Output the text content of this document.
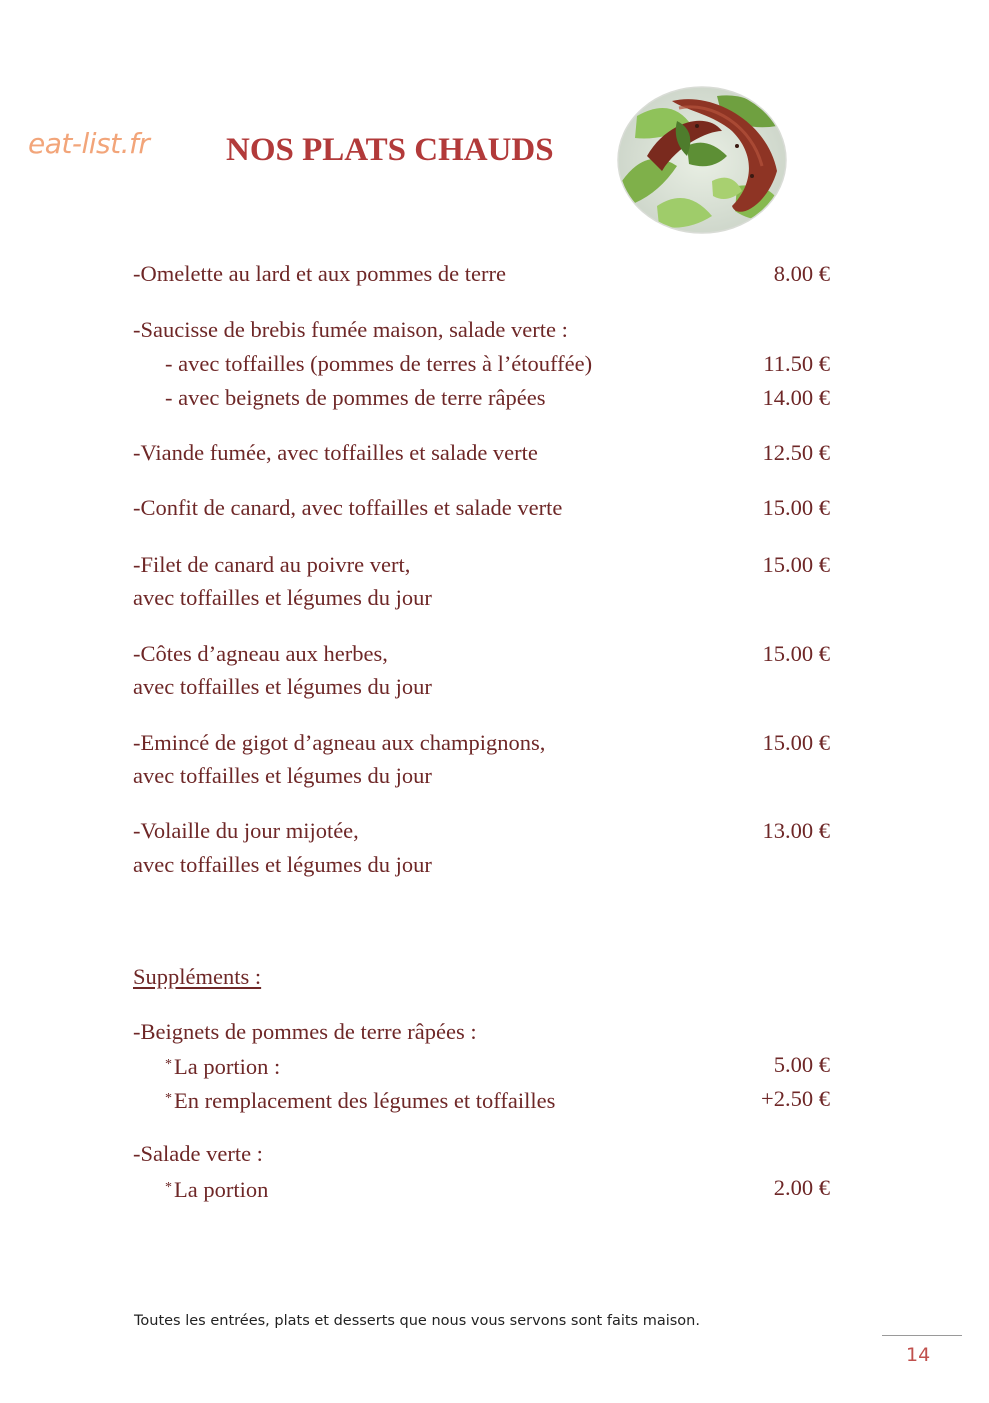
eat-list.fr NOS PLATS CHAUDS
-Omelette au lard et aux pommes de terre	8.00 €
-Saucisse de brebis fumée maison, salade verte :
- avec toffailles (pommes de terres à l’étouffée)	11.50 €
- avec beignets de pommes de terre râpées	14.00 €
-Viande fumée, avec toffailles et salade verte	12.50 €
-Confit de canard, avec toffailles et salade verte	15.00 €
-Filet de canard au poivre vert,	15.00 €
avec toffailles et légumes du jour
-Côtes d’agneau aux herbes,	15.00 €
avec toffailles et légumes du jour
-Emincé de gigot d’agneau aux champignons,	15.00 €
avec toffailles et légumes du jour
-Volaille du jour mijotée,	13.00 €
avec toffailles et légumes du jour
Suppléments :
-Beignets de pommes de terre râpées :
*La portion :	5.00 €
*En remplacement des légumes et toffailles	+2.50 €
-Salade verte :
*La portion	2.00 €
Toutes les entrées, plats et desserts que nous vous servons sont faits maison.
14
